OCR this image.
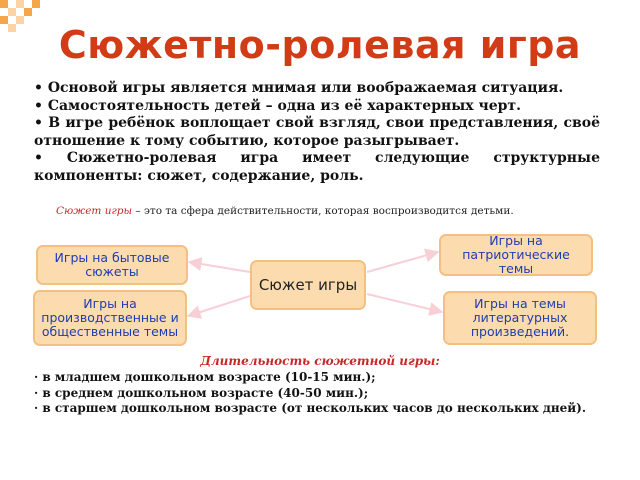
Сюжетно-ролевая игра
• Основой игры является мнимая или воображаемая ситуация.
• Самостоятельность детей – одна из её характерных черт.
• В игре ребёнок воплощает свой взгляд, свои представления, своё отношение к тому событию, которое разыгрывает.
• Сюжетно-ролевая игра имеет следующие структурные компоненты: сюжет, содержание, роль.
Сюжет игры – это та сфера действительности, которая воспроизводится детьми.
Игры на бытовые сюжеты
Игры на производственные и общественные темы
Сюжет игры
Игры на патриотические темы
Игры на темы литературных произведений.
Длительность сюжетной игры:
· в младшем дошкольном возрасте (10-15 мин.);
· в среднем дошкольном возрасте (40-50 мин.);
· в старшем дошкольном возрасте (от нескольких часов до нескольких дней).
